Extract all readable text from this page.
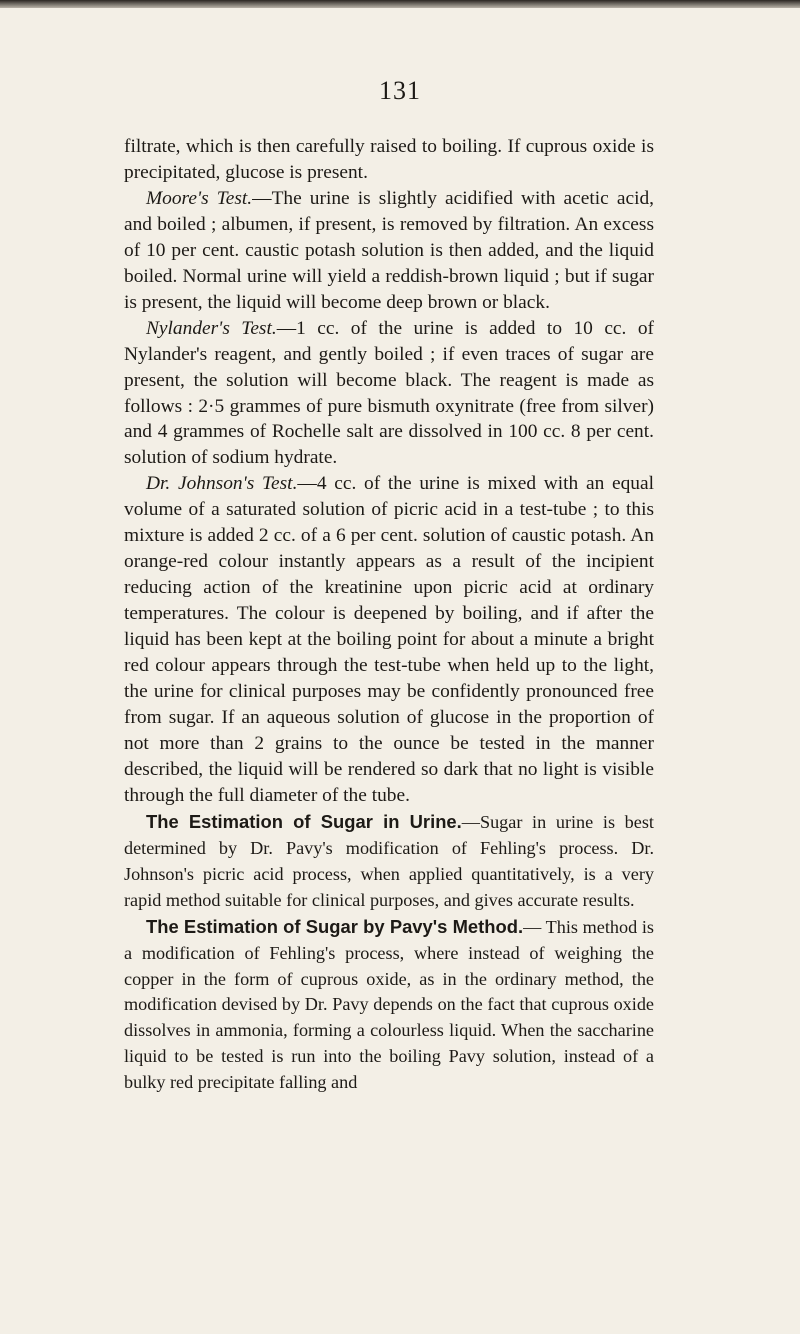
131

filtrate, which is then carefully raised to boiling. If cuprous oxide is precipitated, glucose is present.

Moore's Test.—The urine is slightly acidified with acetic acid, and boiled ; albumen, if present, is removed by filtration. An excess of 10 per cent. caustic potash solution is then added, and the liquid boiled. Normal urine will yield a reddish-brown liquid ; but if sugar is present, the liquid will become deep brown or black.

Nylander's Test.—1 cc. of the urine is added to 10 cc. of Nylander's reagent, and gently boiled ; if even traces of sugar are present, the solution will become black. The reagent is made as follows : 2·5 grammes of pure bismuth oxynitrate (free from silver) and 4 grammes of Rochelle salt are dissolved in 100 cc. 8 per cent. solution of sodium hydrate.

Dr. Johnson's Test.—4 cc. of the urine is mixed with an equal volume of a saturated solution of picric acid in a test-tube ; to this mixture is added 2 cc. of a 6 per cent. solution of caustic potash. An orange-red colour instantly appears as a result of the incipient reducing action of the kreatinine upon picric acid at ordinary temperatures. The colour is deepened by boiling, and if after the liquid has been kept at the boiling point for about a minute a bright red colour appears through the test-tube when held up to the light, the urine for clinical purposes may be confidently pronounced free from sugar. If an aqueous solution of glucose in the proportion of not more than 2 grains to the ounce be tested in the manner described, the liquid will be rendered so dark that no light is visible through the full diameter of the tube.

The Estimation of Sugar in Urine.—Sugar in urine is best determined by Dr. Pavy's modification of Fehling's process. Dr. Johnson's picric acid process, when applied quantitatively, is a very rapid method suitable for clinical purposes, and gives accurate results.

The Estimation of Sugar by Pavy's Method.— This method is a modification of Fehling's process, where instead of weighing the copper in the form of cuprous oxide, as in the ordinary method, the modification devised by Dr. Pavy depends on the fact that cuprous oxide dissolves in ammonia, forming a colourless liquid. When the saccharine liquid to be tested is run into the boiling Pavy solution, instead of a bulky red precipitate falling and
